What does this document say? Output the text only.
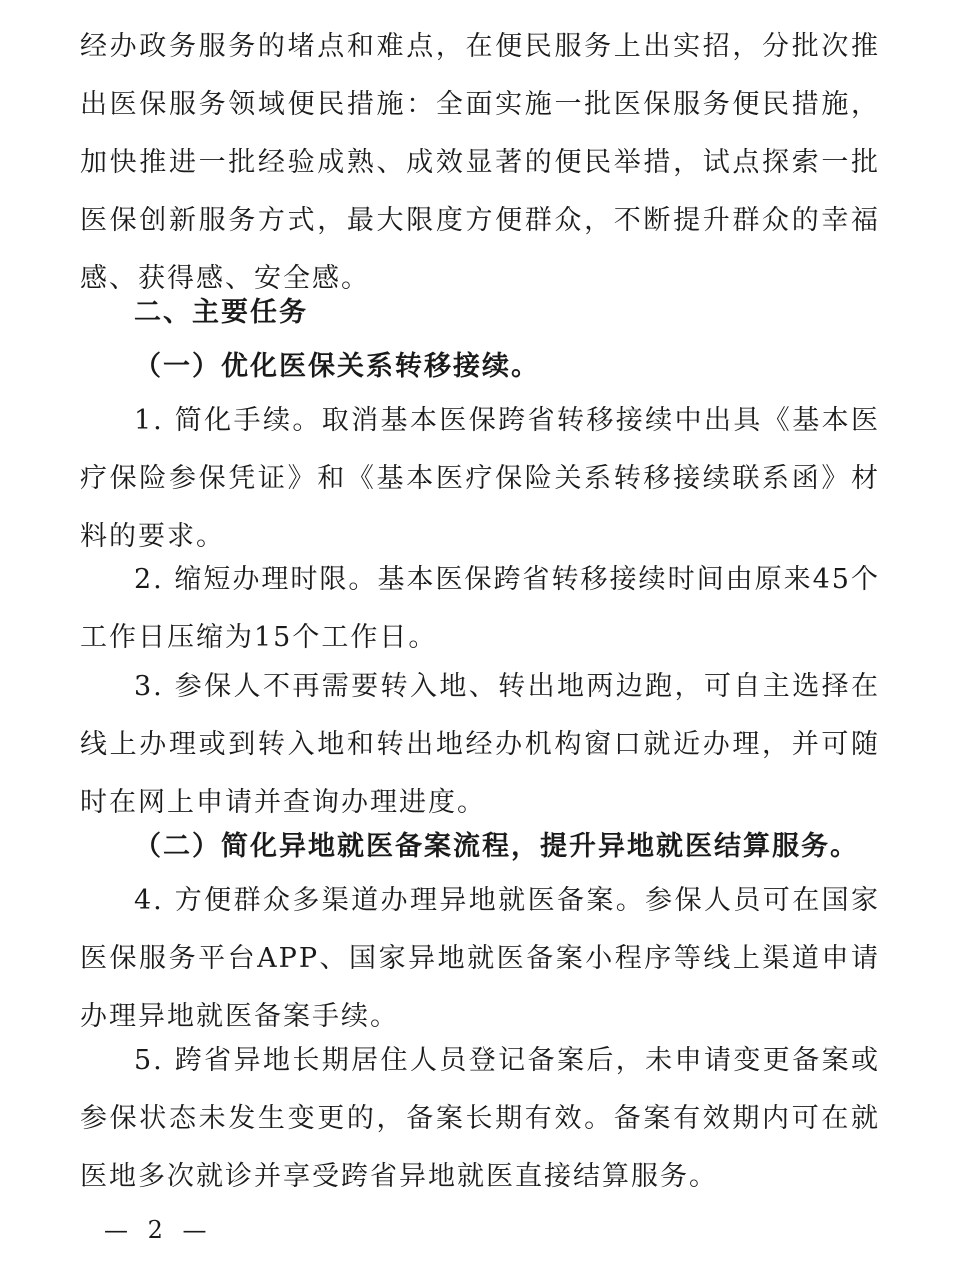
经办政务服务的堵点和难点，在便民服务上出实招，分批次推出医保服务领域便民措施：全面实施一批医保服务便民措施，加快推进一批经验成熟、成效显著的便民举措，试点探索一批医保创新服务方式，最大限度方便群众，不断提升群众的幸福感、获得感、安全感。

二、主要任务

（一）优化医保关系转移接续。

1. 简化手续。取消基本医保跨省转移接续中出具《基本医疗保险参保凭证》和《基本医疗保险关系转移接续联系函》材料的要求。

2. 缩短办理时限。基本医保跨省转移接续时间由原来45个工作日压缩为15个工作日。

3. 参保人不再需要转入地、转出地两边跑，可自主选择在线上办理或到转入地和转出地经办机构窗口就近办理，并可随时在网上申请并查询办理进度。

（二）简化异地就医备案流程，提升异地就医结算服务。

4. 方便群众多渠道办理异地就医备案。参保人员可在国家医保服务平台APP、国家异地就医备案小程序等线上渠道申请办理异地就医备案手续。

5. 跨省异地长期居住人员登记备案后，未申请变更备案或参保状态未发生变更的，备案长期有效。备案有效期内可在就医地多次就诊并享受跨省异地就医直接结算服务。

— 2 —
